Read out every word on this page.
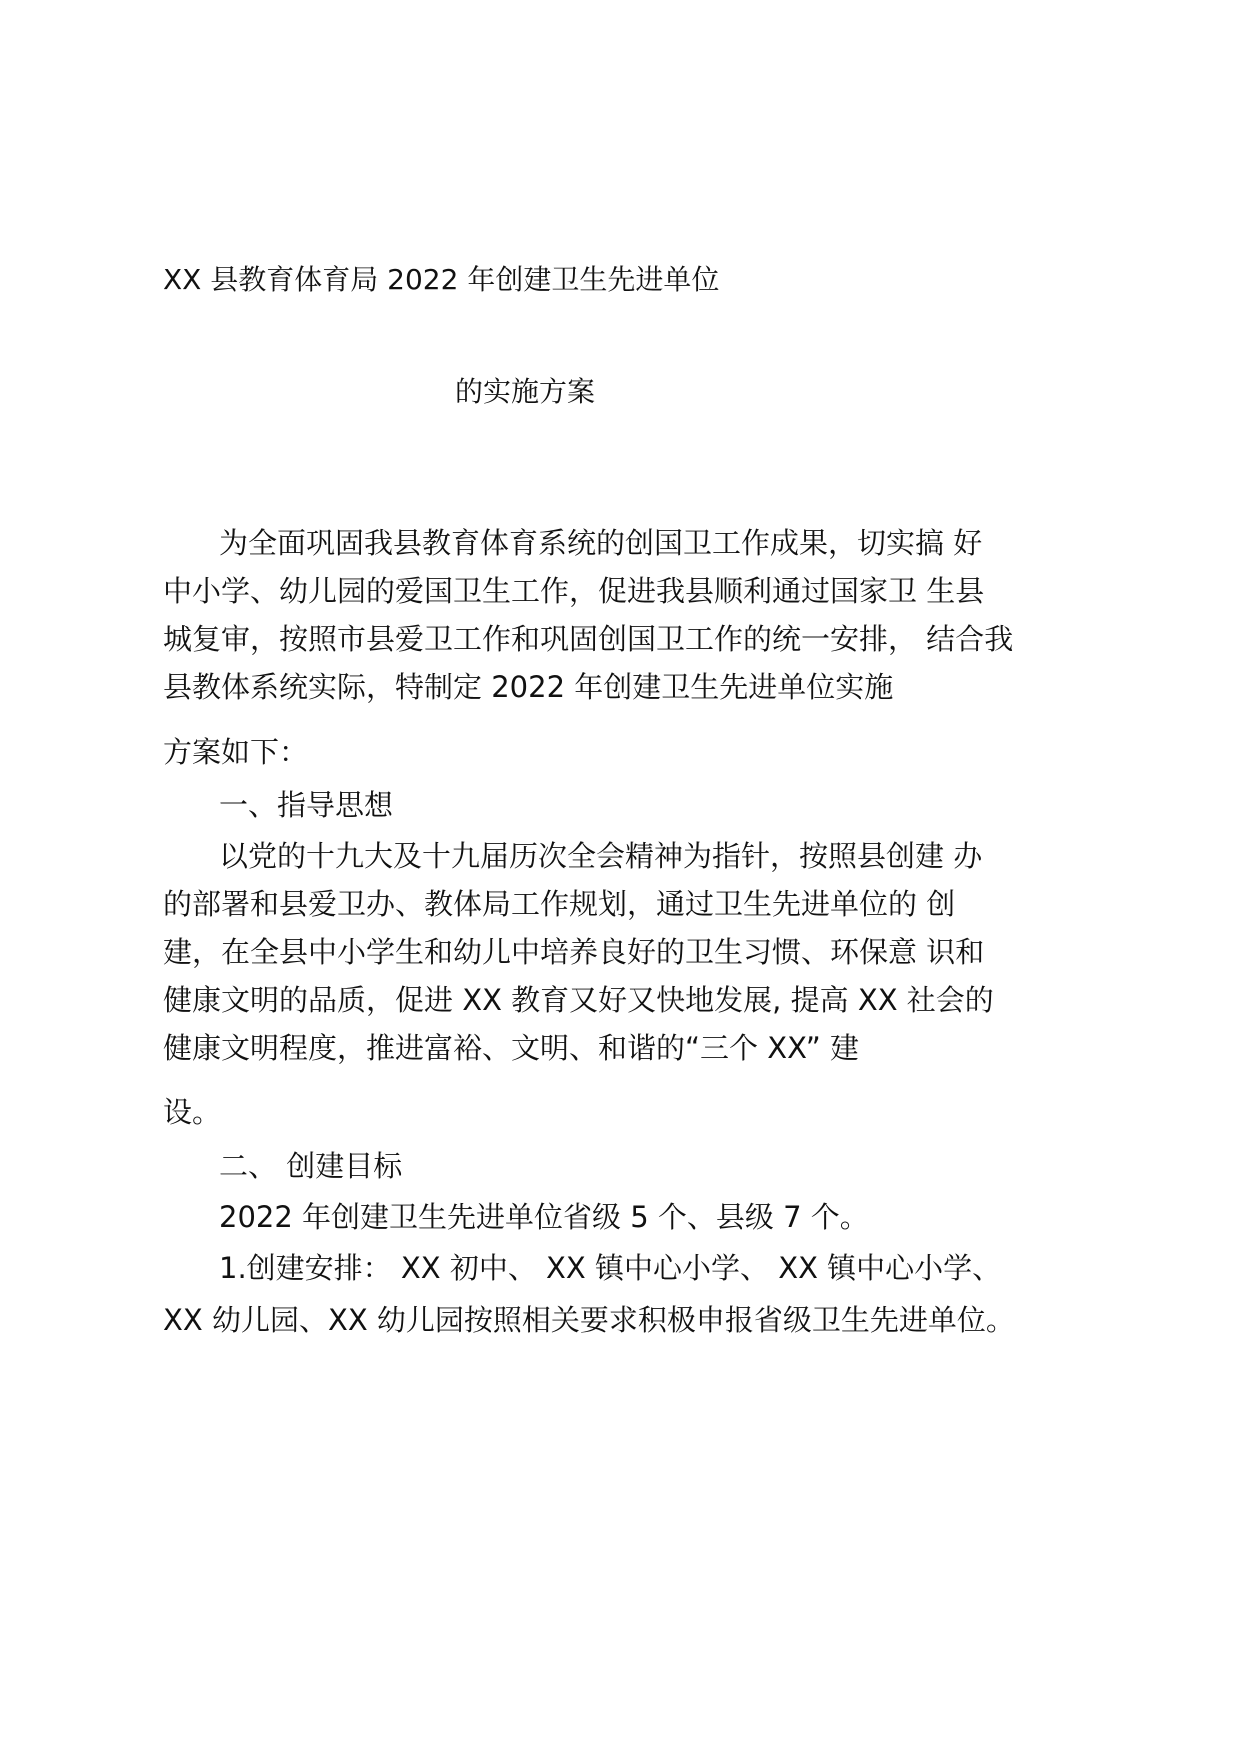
XX 县教育体育局 2022 年创建卫生先进单位
的实施方案
为全面巩固我县教育体育系统的创国卫工作成果，切实搞 好
中小学、幼儿园的爱国卫生工作，促进我县顺利通过国家卫 生县
城复审，按照市县爱卫工作和巩固创国卫工作的统一安排， 结合我
县教体系统实际，特制定 2022 年创建卫生先进单位实施
方案如下：
一、指导思想
以党的十九大及十九届历次全会精神为指针，按照县创建 办
的部署和县爱卫办、教体局工作规划，通过卫生先进单位的 创
建，在全县中小学生和幼儿中培养良好的卫生习惯、环保意 识和
健康文明的品质，促进 XX 教育又好又快地发展, 提高 XX 社会的
健康文明程度，推进富裕、文明、和谐的“三个 XX” 建
设。
二、 创建目标
2022 年创建卫生先进单位省级 5 个、县级 7 个。
1.创建安排： XX 初中、 XX 镇中心小学、 XX 镇中心小学、
XX 幼儿园、XX 幼儿园按照相关要求积极申报省级卫生先进单位。
